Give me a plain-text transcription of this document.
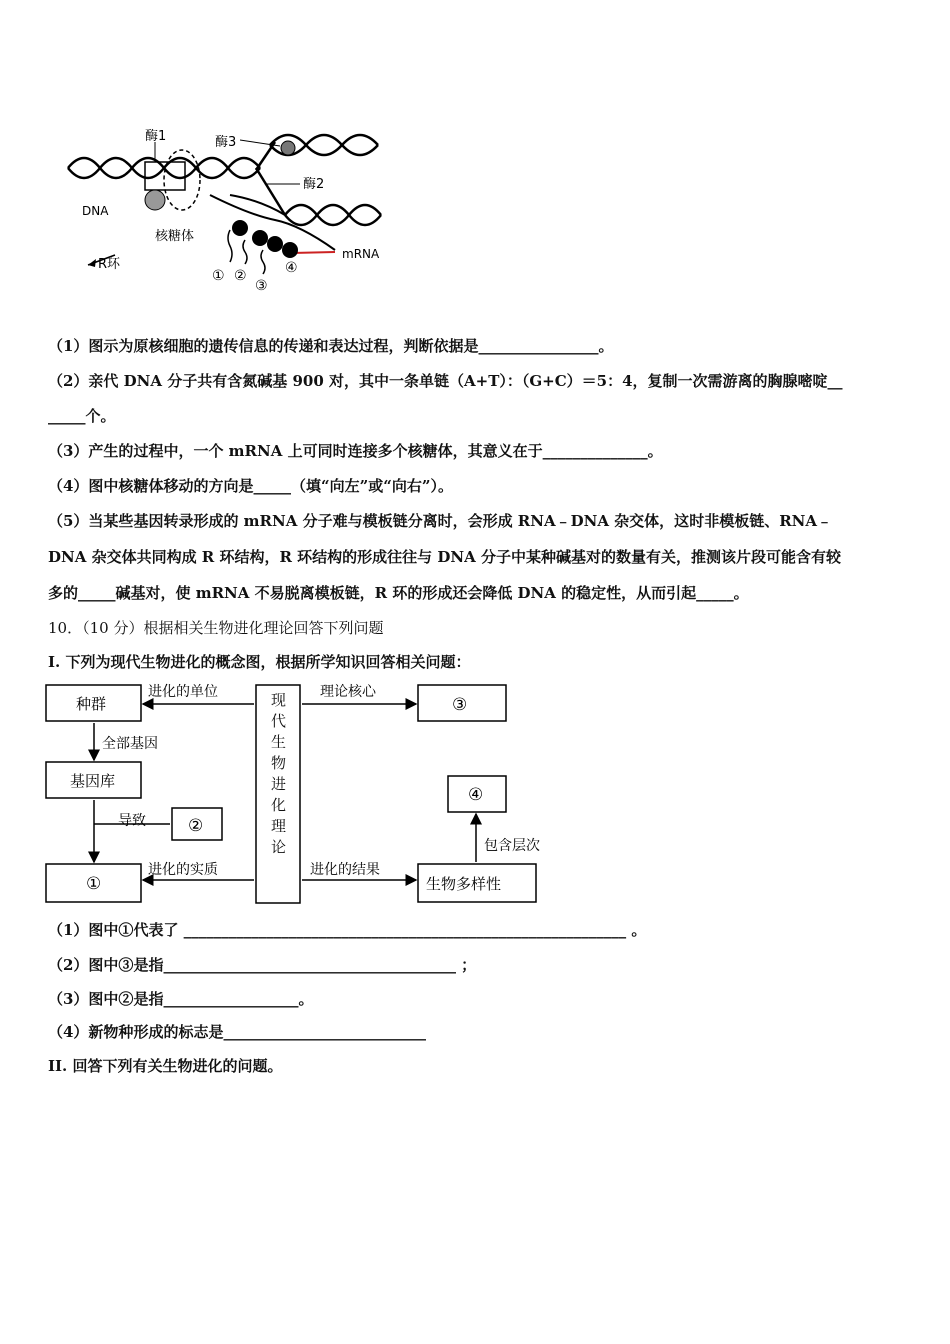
酶1	酶3
酶2
DNA
核糖体
R环
mRNA
① ②
③
④
（1）图示为原核细胞的遗传信息的传递和表达过程，判断依据是________________。
（2）亲代 DNA 分子共有含氮碱基 900 对，其中一条单链（A+T）：（G+C）＝5：4，复制一次需游离的胸腺嘧啶__
_____个。
（3）产生的过程中，一个 mRNA 上可同时连接多个核糖体，其意义在于______________。
（4）图中核糖体移动的方向是_____（填“向左”或“向右”）。
（5）当某些基因转录形成的 mRNA 分子难与模板链分离时，会形成 RNA﹣DNA 杂交体，这时非模板链、RNA﹣
DNA 杂交体共同构成 R 环结构，R 环结构的形成往往与 DNA 分子中某种碱基对的数量有关，推测该片段可能含有较
多的_____碱基对，使 mRNA 不易脱离模板链，R 环的形成还会降低 DNA 的稳定性，从而引起_____。
10．（10 分）根据相关生物进化理论回答下列问题
I. 下列为现代生物进化的概念图，根据所学知识回答相关问题：
种群
基因库
①
②
③
④
生物多样性
现代生物进化理论
进化的单位
全部基因
导致
进化的实质
理论核心
进化的结果
包含层次
（1）图中①代表了 ___________________________________________________________ 。
（2）图中③是指_______________________________________ ；
（3）图中②是指__________________。
（4）新物种形成的标志是___________________________
II. 回答下列有关生物进化的问题。
